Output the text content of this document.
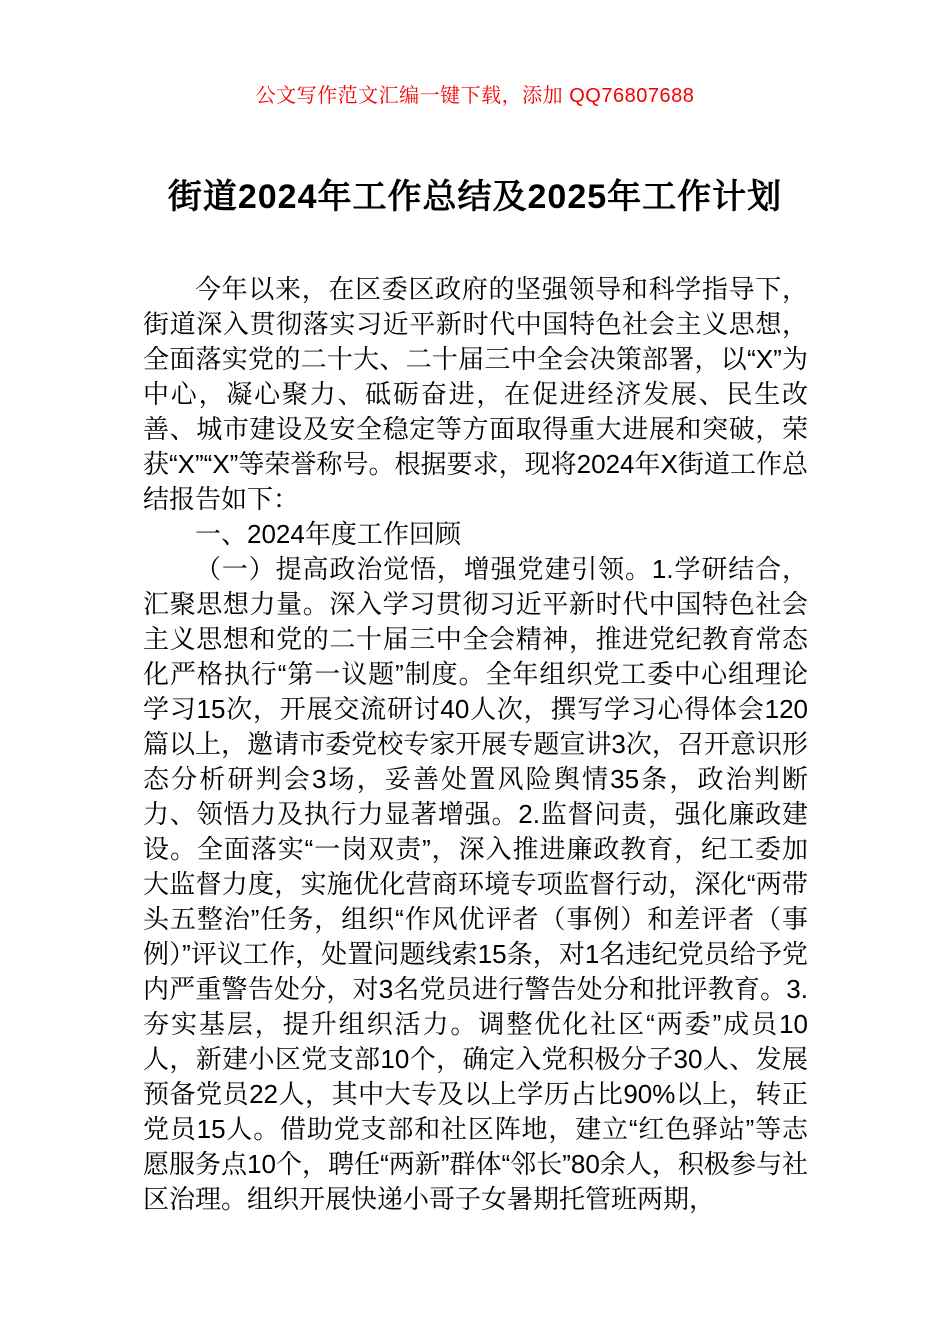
公文写作范文汇编一键下载，添加 QQ76807688
街道2024年工作总结及2025年工作计划

今年以来，在区委区政府的坚强领导和科学指导下，街道深入贯彻落实习近平新时代中国特色社会主义思想，全面落实党的二十大、二十届三中全会决策部署，以“X”为中心，凝心聚力、砥砺奋进，在促进经济发展、民生改善、城市建设及安全稳定等方面取得重大进展和突破，荣获“X”“X”等荣誉称号。根据要求，现将2024年X街道工作总结报告如下：

一、2024年度工作回顾

（一）提高政治觉悟，增强党建引领。1.学研结合，汇聚思想力量。深入学习贯彻习近平新时代中国特色社会主义思想和党的二十届三中全会精神，推进党纪教育常态化严格执行“第一议题”制度。全年组织党工委中心组理论学习15次，开展交流研讨40人次，撰写学习心得体会120篇以上，邀请市委党校专家开展专题宣讲3次，召开意识形态分析研判会3场，妥善处置风险舆情35条，政治判断力、领悟力及执行力显著增强。2.监督问责，强化廉政建设。全面落实“一岗双责”，深入推进廉政教育，纪工委加大监督力度，实施优化营商环境专项监督行动，深化“两带头五整治”任务，组织“作风优评者（事例）和差评者（事例）”评议工作，处置问题线索15条，对1名违纪党员给予党内严重警告处分，对3名党员进行警告处分和批评教育。3.夯实基层，提升组织活力。调整优化社区“两委”成员10人，新建小区党支部10个，确定入党积极分子30人、发展预备党员22人，其中大专及以上学历占比90%以上，转正党员15人。借助党支部和社区阵地，建立“红色驿站”等志愿服务点10个，聘任“两新”群体“邻长”80余人，积极参与社区治理。组织开展快递小哥子女暑期托管班两期，
